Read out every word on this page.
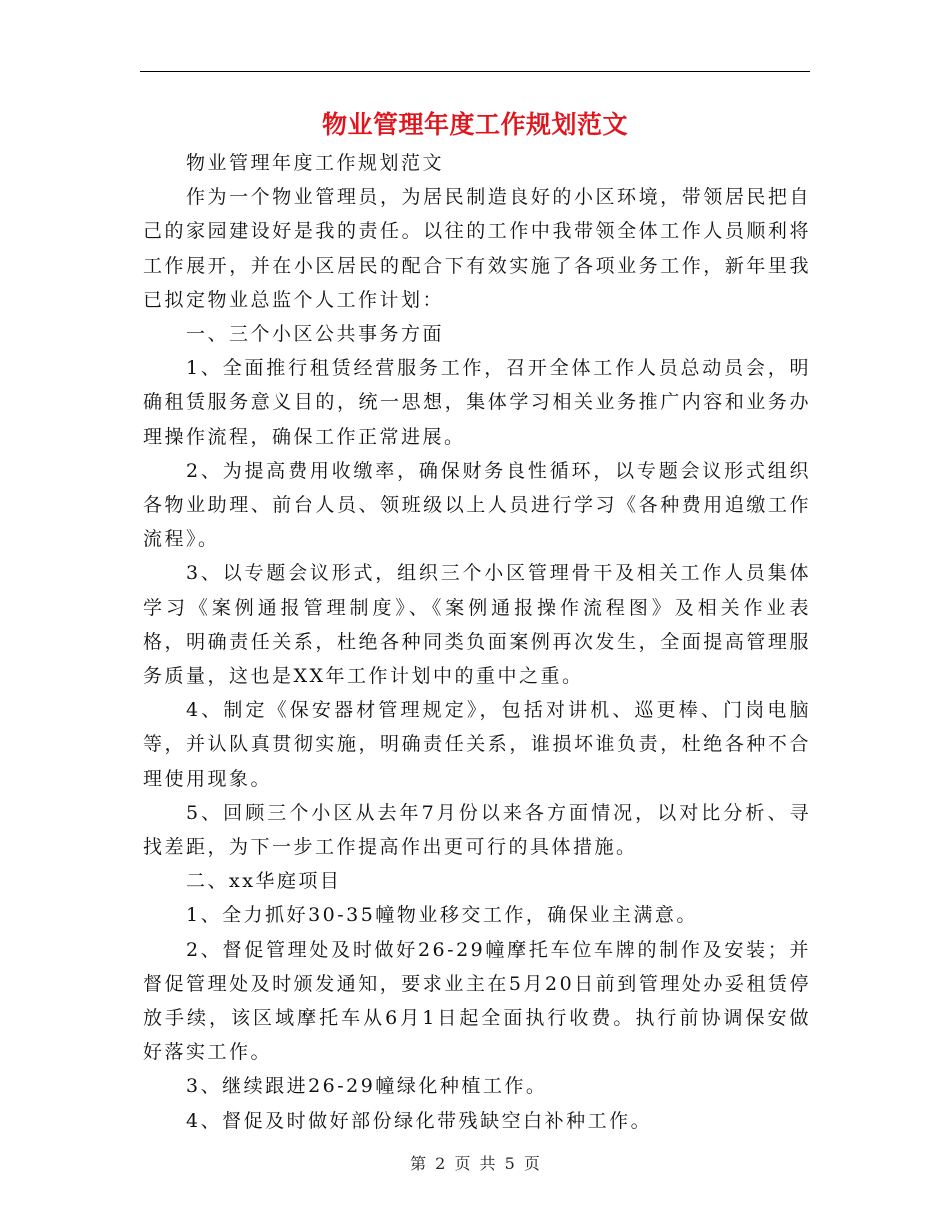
物业管理年度工作规划范文

物业管理年度工作规划范文

作为一个物业管理员，为居民制造良好的小区环境，带领居民把自己的家园建设好是我的责任。以往的工作中我带领全体工作人员顺利将工作展开，并在小区居民的配合下有效实施了各项业务工作，新年里我已拟定物业总监个人工作计划：

一、三个小区公共事务方面

1、全面推行租赁经营服务工作，召开全体工作人员总动员会，明确租赁服务意义目的，统一思想，集体学习相关业务推广内容和业务办理操作流程，确保工作正常进展。

2、为提高费用收缴率，确保财务良性循环，以专题会议形式组织各物业助理、前台人员、领班级以上人员进行学习《各种费用追缴工作流程》。

3、以专题会议形式，组织三个小区管理骨干及相关工作人员集体学习《案例通报管理制度》、《案例通报操作流程图》及相关作业表格，明确责任关系，杜绝各种同类负面案例再次发生，全面提高管理服务质量，这也是XX年工作计划中的重中之重。

4、制定《保安器材管理规定》，包括对讲机、巡更棒、门岗电脑等，并认队真贯彻实施，明确责任关系，谁损坏谁负责，杜绝各种不合理使用现象。

5、回顾三个小区从去年7月份以来各方面情况，以对比分析、寻找差距，为下一步工作提高作出更可行的具体措施。

二、xx华庭项目

1、全力抓好30-35幢物业移交工作，确保业主满意。

2、督促管理处及时做好26-29幢摩托车位车牌的制作及安装；并督促管理处及时颁发通知，要求业主在5月20日前到管理处办妥租赁停放手续，该区域摩托车从6月1日起全面执行收费。执行前协调保安做好落实工作。

3、继续跟进26-29幢绿化种植工作。

4、督促及时做好部份绿化带残缺空白补种工作。

第 2 页 共 5 页
